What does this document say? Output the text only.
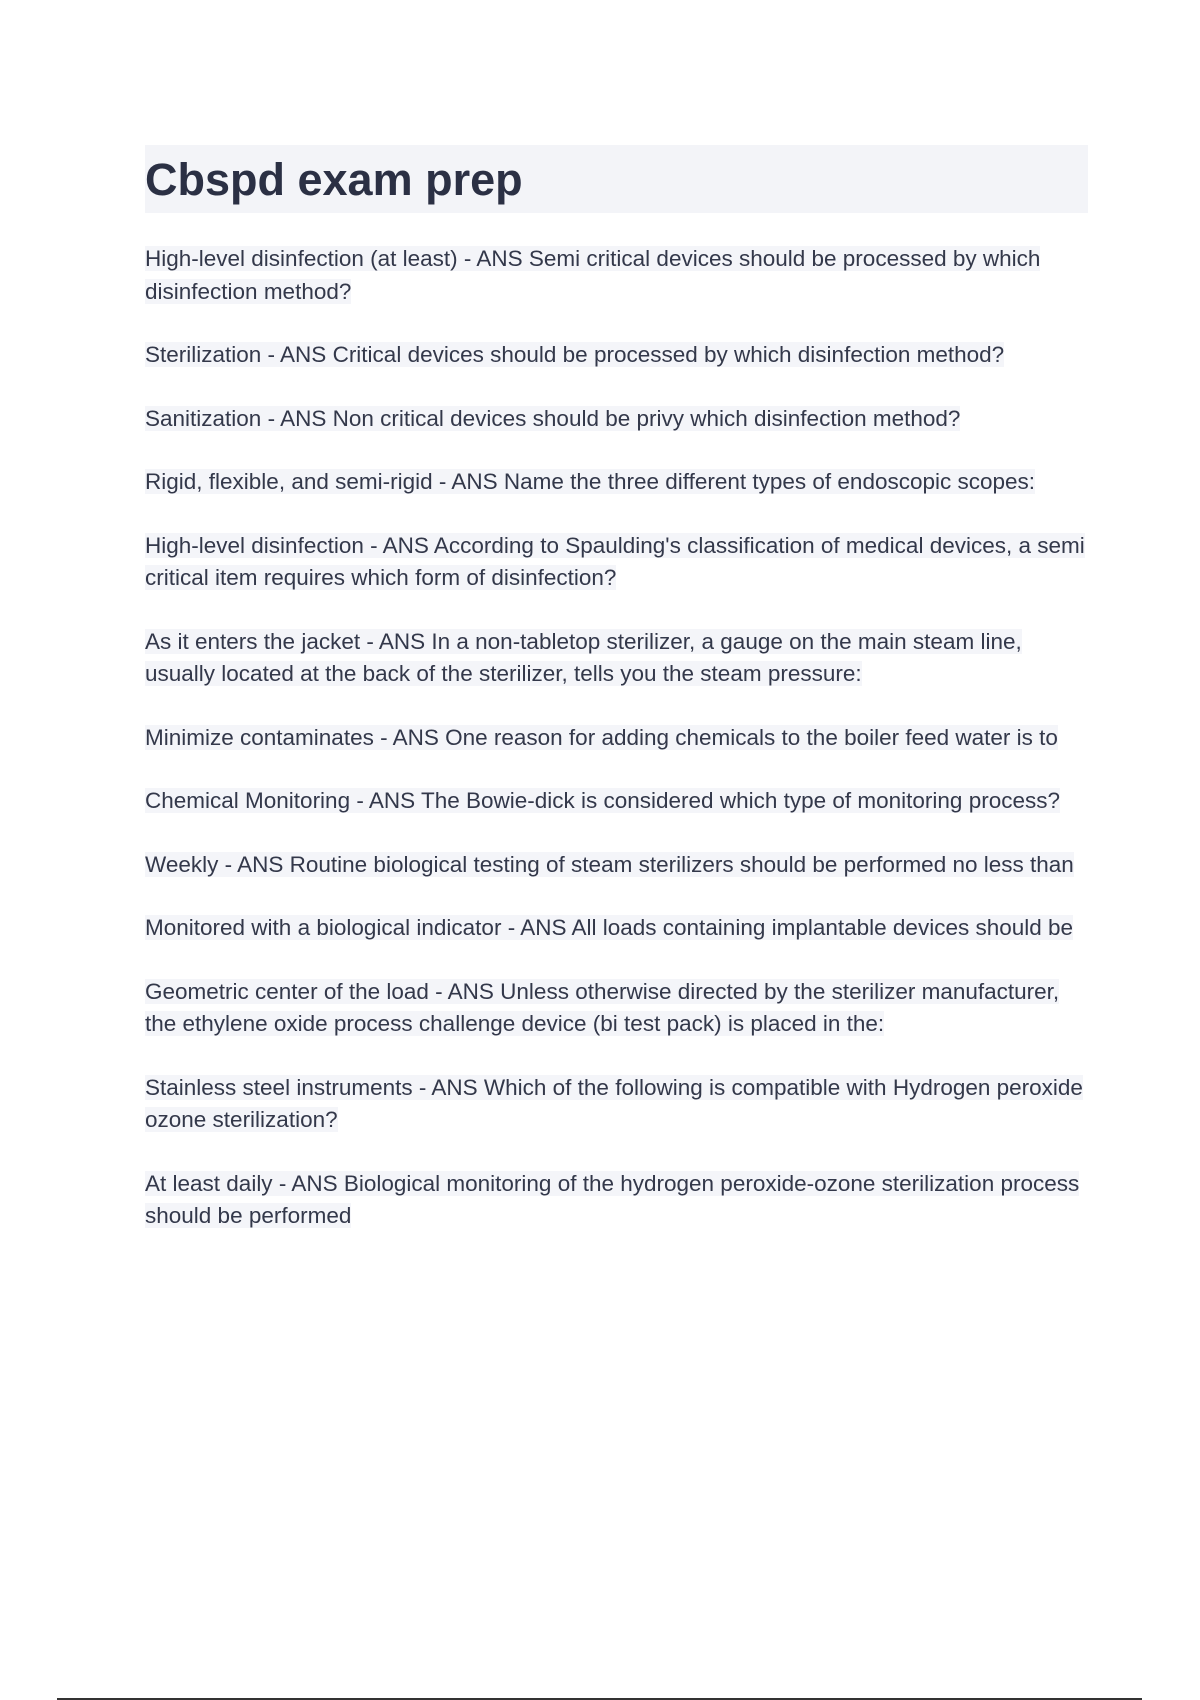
Cbspd exam prep

High-level disinfection (at least) - ANS Semi critical devices should be processed by which disinfection method?

Sterilization - ANS Critical devices should be processed by which disinfection method?

Sanitization - ANS Non critical devices should be privy which disinfection method?

Rigid, flexible, and semi-rigid - ANS Name the three different types of endoscopic scopes:

High-level disinfection - ANS According to Spaulding's classification of medical devices, a semi critical item requires which form of disinfection?

As it enters the jacket - ANS In a non-tabletop sterilizer, a gauge on the main steam line, usually located at the back of the sterilizer, tells you the steam pressure:

Minimize contaminates - ANS One reason for adding chemicals to the boiler feed water is to

Chemical Monitoring - ANS The Bowie-dick is considered which type of monitoring process?

Weekly - ANS Routine biological testing of steam sterilizers should be performed no less than

Monitored with a biological indicator - ANS All loads containing implantable devices should be

Geometric center of the load - ANS Unless otherwise directed by the sterilizer manufacturer, the ethylene oxide process challenge device (bi test pack) is placed in the:

Stainless steel instruments - ANS Which of the following is compatible with Hydrogen peroxide ozone sterilization?

At least daily - ANS Biological monitoring of the hydrogen peroxide-ozone sterilization process should be performed
